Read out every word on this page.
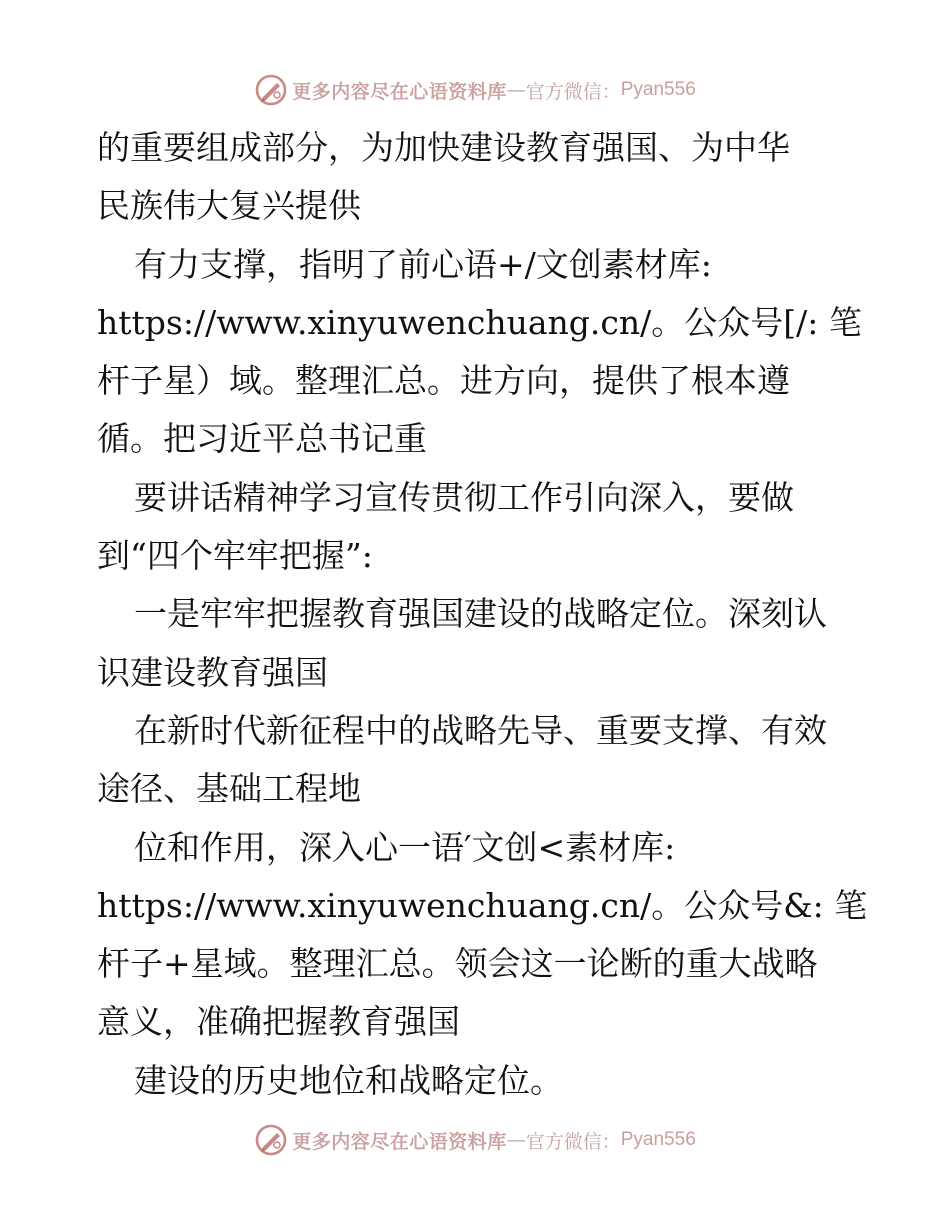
更多内容尽在心语资料库 — 官方微信： Pyan556
的重要组成部分，为加快建设教育强国、为中华
民族伟大复兴提供
有力支撑，指明了前心语+/文创素材库:
https://www.xinyuwenchuang.cn/。公众号[/: 笔
杆子星）域。整理汇总。进方向，提供了根本遵
循。把习近平总书记重
要讲话精神学习宣传贯彻工作引向深入，要做
到“四个牢牢把握”:
一是牢牢把握教育强国建设的战略定位。深刻认
识建设教育强国
在新时代新征程中的战略先导、重要支撑、有效
途径、基础工程地
位和作用，深入心一语′文创<素材库:
https://www.xinyuwenchuang.cn/。公众号&: 笔
杆子+星域。整理汇总。领会这一论断的重大战略
意义，准确把握教育强国
建设的历史地位和战略定位。
更多内容尽在心语资料库 — 官方微信： Pyan556
